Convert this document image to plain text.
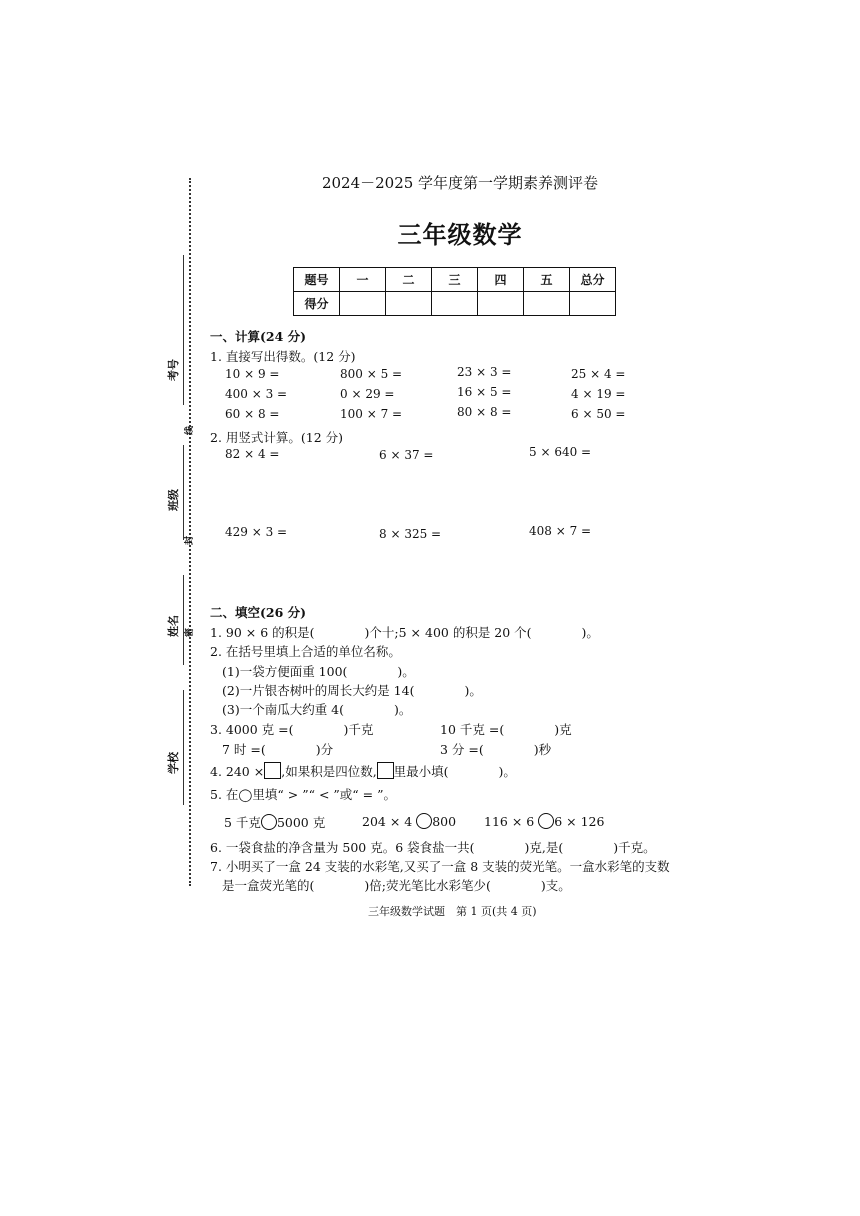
考号
班级
姓名
学校
线
封
密
2024－2025 学年度第一学期素养测评卷
三年级数学
题号	一	二	三	四	五	总分
得分						
一、计算(24 分)
1. 直接写出得数。(12 分)
10 × 9 =	800 × 5 =	23 × 3 =	25 × 4 =
400 × 3 =	0 × 29 =	16 × 5 =	4 × 19 =
60 × 8 =	100 × 7 =	80 × 8 =	6 × 50 =
2. 用竖式计算。(12 分)
82 × 4 =	6 × 37 =	5 × 640 =
429 × 3 =	8 × 325 =	408 × 7 =
二、填空(26 分)
1. 90 × 6 的积是(　　　　)个十;5 × 400 的积是 20 个(　　　　)。
2. 在括号里填上合适的单位名称。
(1)一袋方便面重 100(　　　　)。
(2)一片银杏树叶的周长大约是 14(　　　　)。
(3)一个南瓜大约重 4(　　　　)。
3. 4000 克 =(　　　　)千克	10 千克 =(　　　　)克
7 时 =(　　　　)分	3 分 =(　　　　)秒
4. 240 × ,如果积是四位数, 里最小填(　　　　)。
5. 在◯里填“ > ”“ < ”或“ = ”。
5 千克 5000 克	204 × 4 800 116 × 6 6 × 126
6. 一袋食盐的净含量为 500 克。6 袋食盐一共(　　　　)克,是(　　　　)千克。
7. 小明买了一盒 24 支装的水彩笔,又买了一盒 8 支装的荧光笔。一盒水彩笔的支数
是一盒荧光笔的(　　　　)倍;荧光笔比水彩笔少(　　　　)支。
三年级数学试题　第 1 页(共 4 页)
